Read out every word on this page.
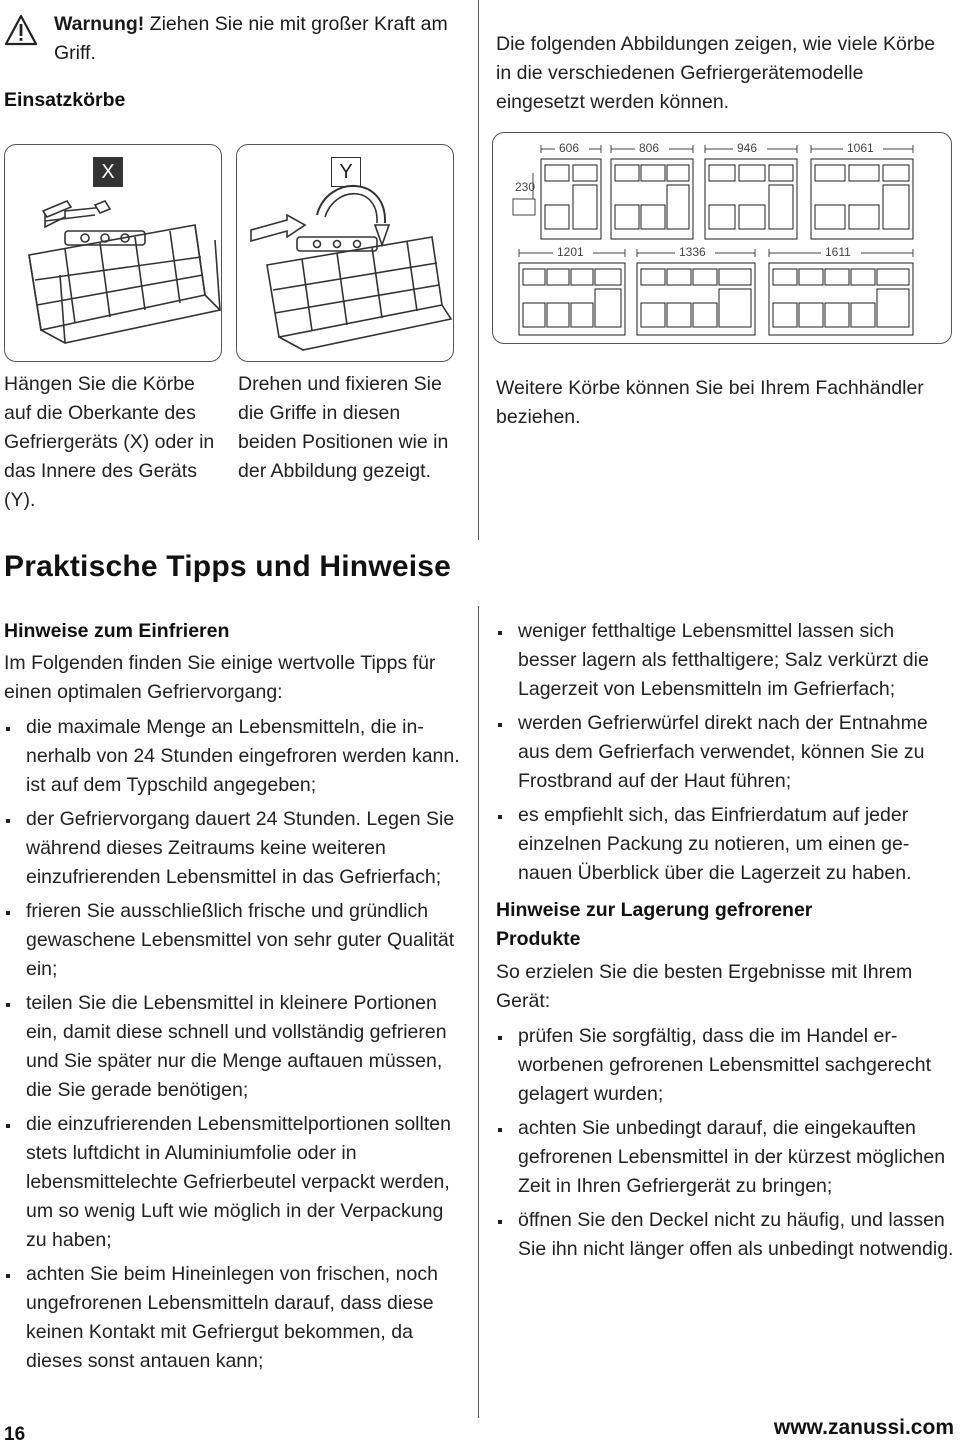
Warnung! Ziehen Sie nie mit großer Kraft am Griff.
Einsatzkörbe
Die folgenden Abbildungen zeigen, wie viele Körbe in die verschiedenen Gefriergerätemodelle eingesetzt werden können.
X	Y
230
606	806	946	1061
1201	1336	1611
Hängen Sie die Körbe auf die Oberkante des Gefriergeräts (X) oder in das Innere des Geräts (Y).
Drehen und fixieren Sie die Griffe in diesen beiden Positionen wie in der Abbildung gezeigt.
Weitere Körbe können Sie bei Ihrem Fachhändler beziehen.
Praktische Tipps und Hinweise
Hinweise zum Einfrieren
Im Folgenden finden Sie einige wertvolle Tipps für einen optimalen Gefriervorgang:
die maximale Menge an Lebensmitteln, die innerhalb von 24 Stunden eingefroren werden kann. ist auf dem Typschild angegeben;
der Gefriervorgang dauert 24 Stunden. Legen Sie während dieses Zeitraums keine weiteren einzufrierenden Lebensmittel in das Gefrierfach;
frieren Sie ausschließlich frische und gründlich gewaschene Lebensmittel von sehr guter Qualität ein;
teilen Sie die Lebensmittel in kleinere Portionen ein, damit diese schnell und vollständig gefrieren und Sie später nur die Menge auftauen müssen, die Sie gerade benötigen;
die einzufrierenden Lebensmittelportionen sollten stets luftdicht in Aluminiumfolie oder in lebensmittelechte Gefrierbeutel verpackt werden, um so wenig Luft wie möglich in der Verpackung zu haben;
achten Sie beim Hineinlegen von frischen, noch ungefrorenen Lebensmitteln darauf, dass diese keinen Kontakt mit Gefriergut bekommen, da dieses sonst antauen kann;
weniger fetthaltige Lebensmittel lassen sich besser lagern als fetthaltigere; Salz verkürzt die Lagerzeit von Lebensmitteln im Gefrierfach;
werden Gefrierwürfel direkt nach der Entnahme aus dem Gefrierfach verwendet, können Sie zu Frostbrand auf der Haut führen;
es empfiehlt sich, das Einfrierdatum auf jeder einzelnen Packung zu notieren, um einen genauen Überblick über die Lagerzeit zu haben.
Hinweise zur Lagerung gefrorener Produkte
So erzielen Sie die besten Ergebnisse mit Ihrem Gerät:
prüfen Sie sorgfältig, dass die im Handel erworbenen gefrorenen Lebensmittel sachgerecht gelagert wurden;
achten Sie unbedingt darauf, die eingekauften gefrorenen Lebensmittel in der kürzest möglichen Zeit in Ihren Gefriergerät zu bringen;
öffnen Sie den Deckel nicht zu häufig, und lassen Sie ihn nicht länger offen als unbedingt notwendig.
16	www.zanussi.com
